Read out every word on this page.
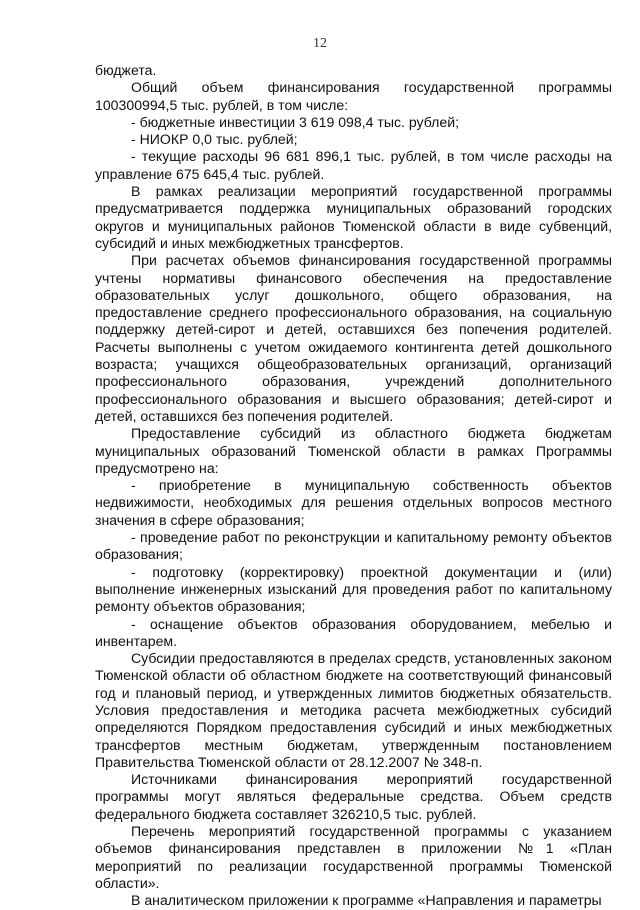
12

бюджета.

Общий объем финансирования государственной программы 100300994,5 тыс. рублей, в том числе:

- бюджетные инвестиции 3 619 098,4 тыс. рублей;

- НИОКР 0,0 тыс. рублей;

- текущие расходы 96 681 896,1 тыс. рублей, в том числе расходы на управление 675 645,4 тыс. рублей.

В рамках реализации мероприятий государственной программы предусматривается поддержка муниципальных образований городских округов и муниципальных районов Тюменской области в виде субвенций, субсидий и иных межбюджетных трансфертов.

При расчетах объемов финансирования государственной программы учтены нормативы финансового обеспечения на предоставление образовательных услуг дошкольного, общего образования, на предоставление среднего профессионального образования, на социальную поддержку детей-сирот и детей, оставшихся без попечения родителей. Расчеты выполнены с учетом ожидаемого контингента детей дошкольного возраста; учащихся общеобразовательных организаций, организаций профессионального образования, учреждений дополнительного профессионального образования и высшего образования; детей-сирот и детей, оставшихся без попечения родителей.

Предоставление субсидий из областного бюджета бюджетам муниципальных образований Тюменской области в рамках Программы предусмотрено на:

- приобретение в муниципальную собственность объектов недвижимости, необходимых для решения отдельных вопросов местного значения в сфере образования;

- проведение работ по реконструкции и капитальному ремонту объектов образования;

- подготовку (корректировку) проектной документации и (или) выполнение инженерных изысканий для проведения работ по капитальному ремонту объектов образования;

- оснащение объектов образования оборудованием, мебелью и инвентарем.

Субсидии предоставляются в пределах средств, установленных законом Тюменской области об областном бюджете на соответствующий финансовый год и плановый период, и утвержденных лимитов бюджетных обязательств. Условия предоставления и методика расчета межбюджетных субсидий определяются Порядком предоставления субсидий и иных межбюджетных трансфертов местным бюджетам, утвержденным постановлением Правительства Тюменской области от 28.12.2007 № 348-п.

Источниками финансирования мероприятий государственной программы могут являться федеральные средства. Объем средств федерального бюджета составляет 326210,5 тыс. рублей.

Перечень мероприятий государственной программы с указанием объемов финансирования представлен в приложении №1 «План мероприятий по реализации государственной программы Тюменской области».

В аналитическом приложении к программе «Направления и параметры
